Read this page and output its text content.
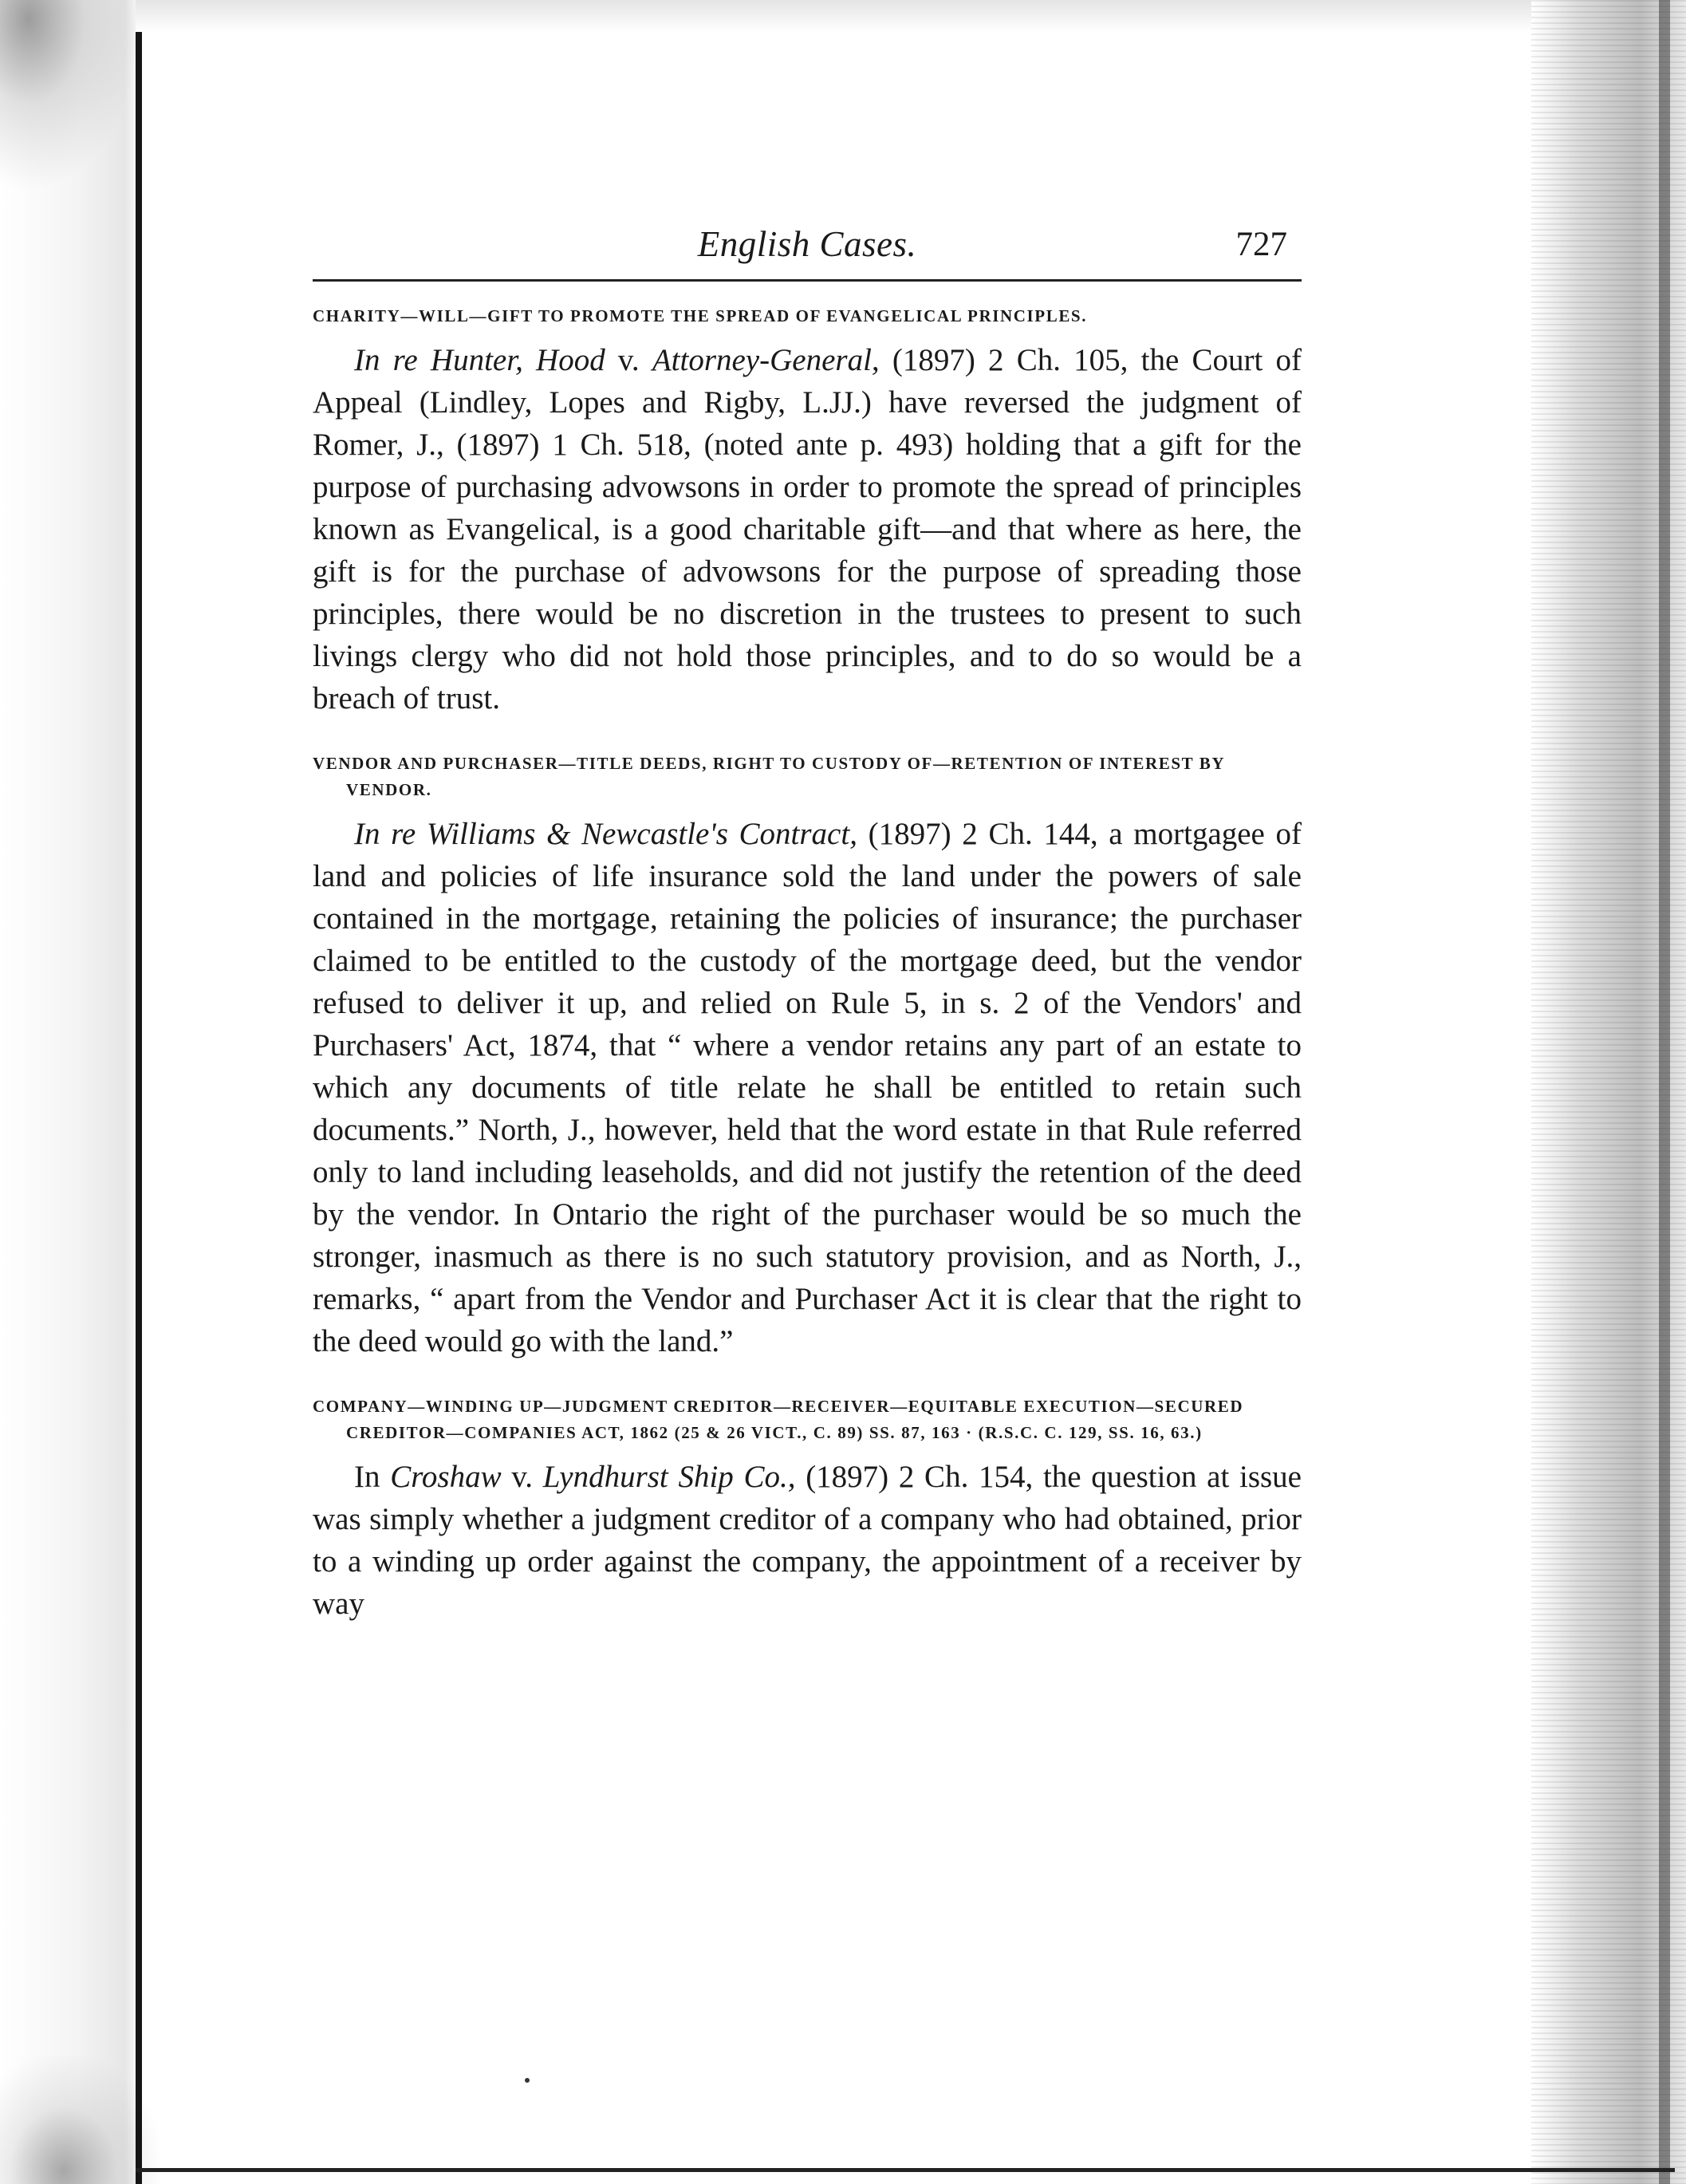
English Cases.	727
CHARITY—WILL—GIFT TO PROMOTE THE SPREAD OF EVANGELICAL PRINCIPLES.

In re Hunter, Hood v. Attorney-General, (1897) 2 Ch. 105, the Court of Appeal (Lindley, Lopes and Rigby, L.JJ.) have reversed the judgment of Romer, J., (1897) 1 Ch. 518, (noted ante p. 493) holding that a gift for the purpose of purchasing advowsons in order to promote the spread of principles known as Evangelical, is a good charitable gift—and that where as here, the gift is for the purchase of advowsons for the purpose of spreading those principles, there would be no discretion in the trustees to present to such livings clergy who did not hold those principles, and to do so would be a breach of trust.

VENDOR AND PURCHASER—TITLE DEEDS, RIGHT TO CUSTODY OF—RETENTION OF INTEREST BY VENDOR.

In re Williams & Newcastle's Contract, (1897) 2 Ch. 144, a mortgagee of land and policies of life insurance sold the land under the powers of sale contained in the mortgage, retaining the policies of insurance; the purchaser claimed to be entitled to the custody of the mortgage deed, but the vendor refused to deliver it up, and relied on Rule 5, in s. 2 of the Vendors' and Purchasers' Act, 1874, that “ where a vendor retains any part of an estate to which any documents of title relate he shall be entitled to retain such documents.” North, J., however, held that the word estate in that Rule referred only to land including leaseholds, and did not justify the retention of the deed by the vendor. In Ontario the right of the purchaser would be so much the stronger, inasmuch as there is no such statutory provision, and as North, J., remarks, “ apart from the Vendor and Purchaser Act it is clear that the right to the deed would go with the land.”

COMPANY—WINDING UP—JUDGMENT CREDITOR—RECEIVER—EQUITABLE EXECUTION—SECURED CREDITOR—COMPANIES ACT, 1862 (25 & 26 VICT., C. 89) SS. 87, 163 · (R.S.C. C. 129, SS. 16, 63.)

In Croshaw v. Lyndhurst Ship Co., (1897) 2 Ch. 154, the question at issue was simply whether a judgment creditor of a company who had obtained, prior to a winding up order against the company, the appointment of a receiver by way
